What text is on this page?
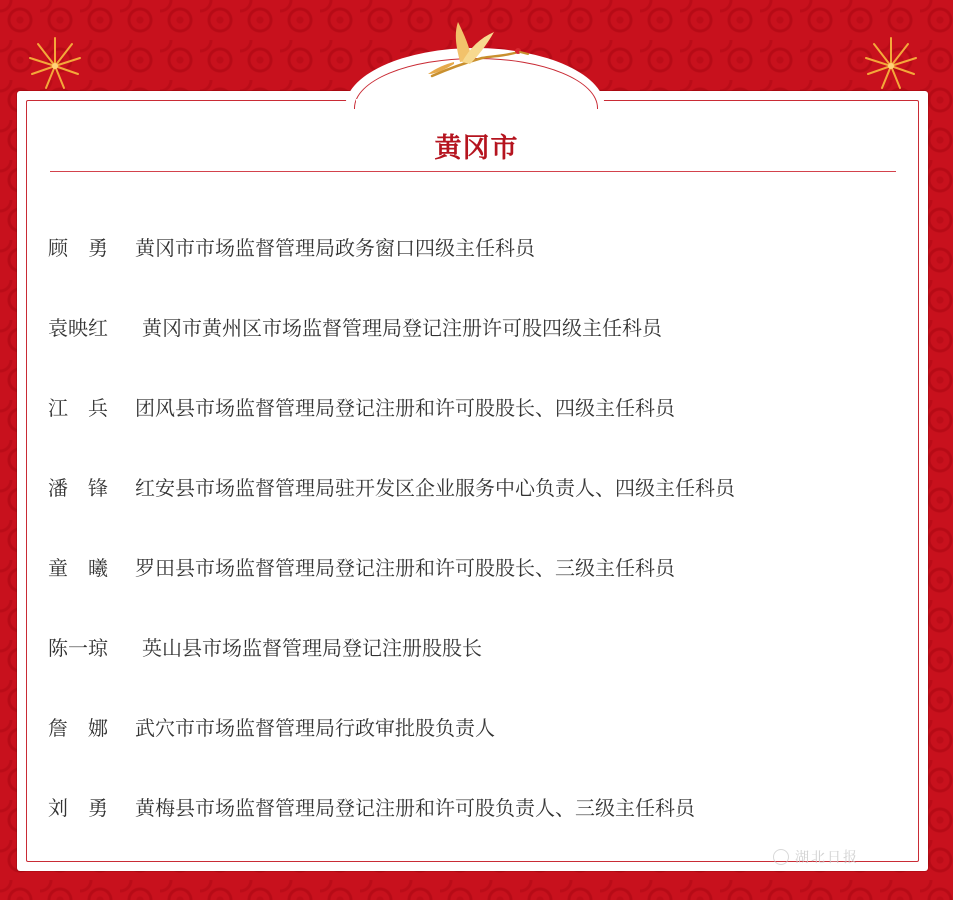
黄冈市
顾　勇	黄冈市市场监督管理局政务窗口四级主任科员
袁映红	黄冈市黄州区市场监督管理局登记注册许可股四级主任科员
江　兵	团风县市场监督管理局登记注册和许可股股长、四级主任科员
潘　锋	红安县市场监督管理局驻开发区企业服务中心负责人、四级主任科员
童　曦	罗田县市场监督管理局登记注册和许可股股长、三级主任科员
陈一琼	英山县市场监督管理局登记注册股股长
詹　娜	武穴市市场监督管理局行政审批股负责人
刘　勇	黄梅县市场监督管理局登记注册和许可股负责人、三级主任科员
湖北日报
